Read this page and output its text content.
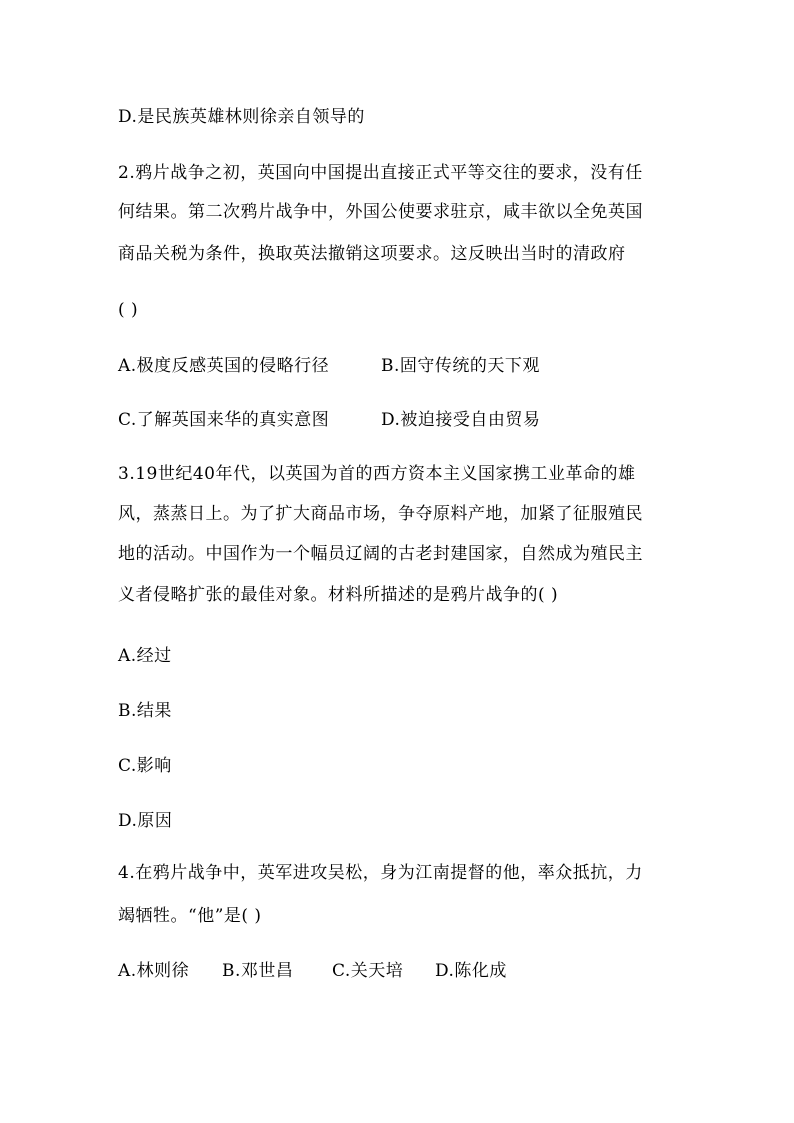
D.是民族英雄林则徐亲自领导的
2.鸦片战争之初，英国向中国提出直接正式平等交往的要求，没有任
何结果。第二次鸦片战争中，外国公使要求驻京，咸丰欲以全免英国
商品关税为条件，换取英法撤销这项要求。这反映出当时的清政府
( )
A.极度反感英国的侵略行径	B.固守传统的天下观
C.了解英国来华的真实意图	D.被迫接受自由贸易
3.19世纪40年代，以英国为首的西方资本主义国家携工业革命的雄
风，蒸蒸日上。为了扩大商品市场，争夺原料产地，加紧了征服殖民
地的活动。中国作为一个幅员辽阔的古老封建国家，自然成为殖民主
义者侵略扩张的最佳对象。材料所描述的是鸦片战争的( )
A.经过
B.结果
C.影响
D.原因
4.在鸦片战争中，英军进攻吴松，身为江南提督的他，率众抵抗，力
竭牺牲。“他”是( )
A.林则徐 B.邓世昌 C.关天培 D.陈化成
